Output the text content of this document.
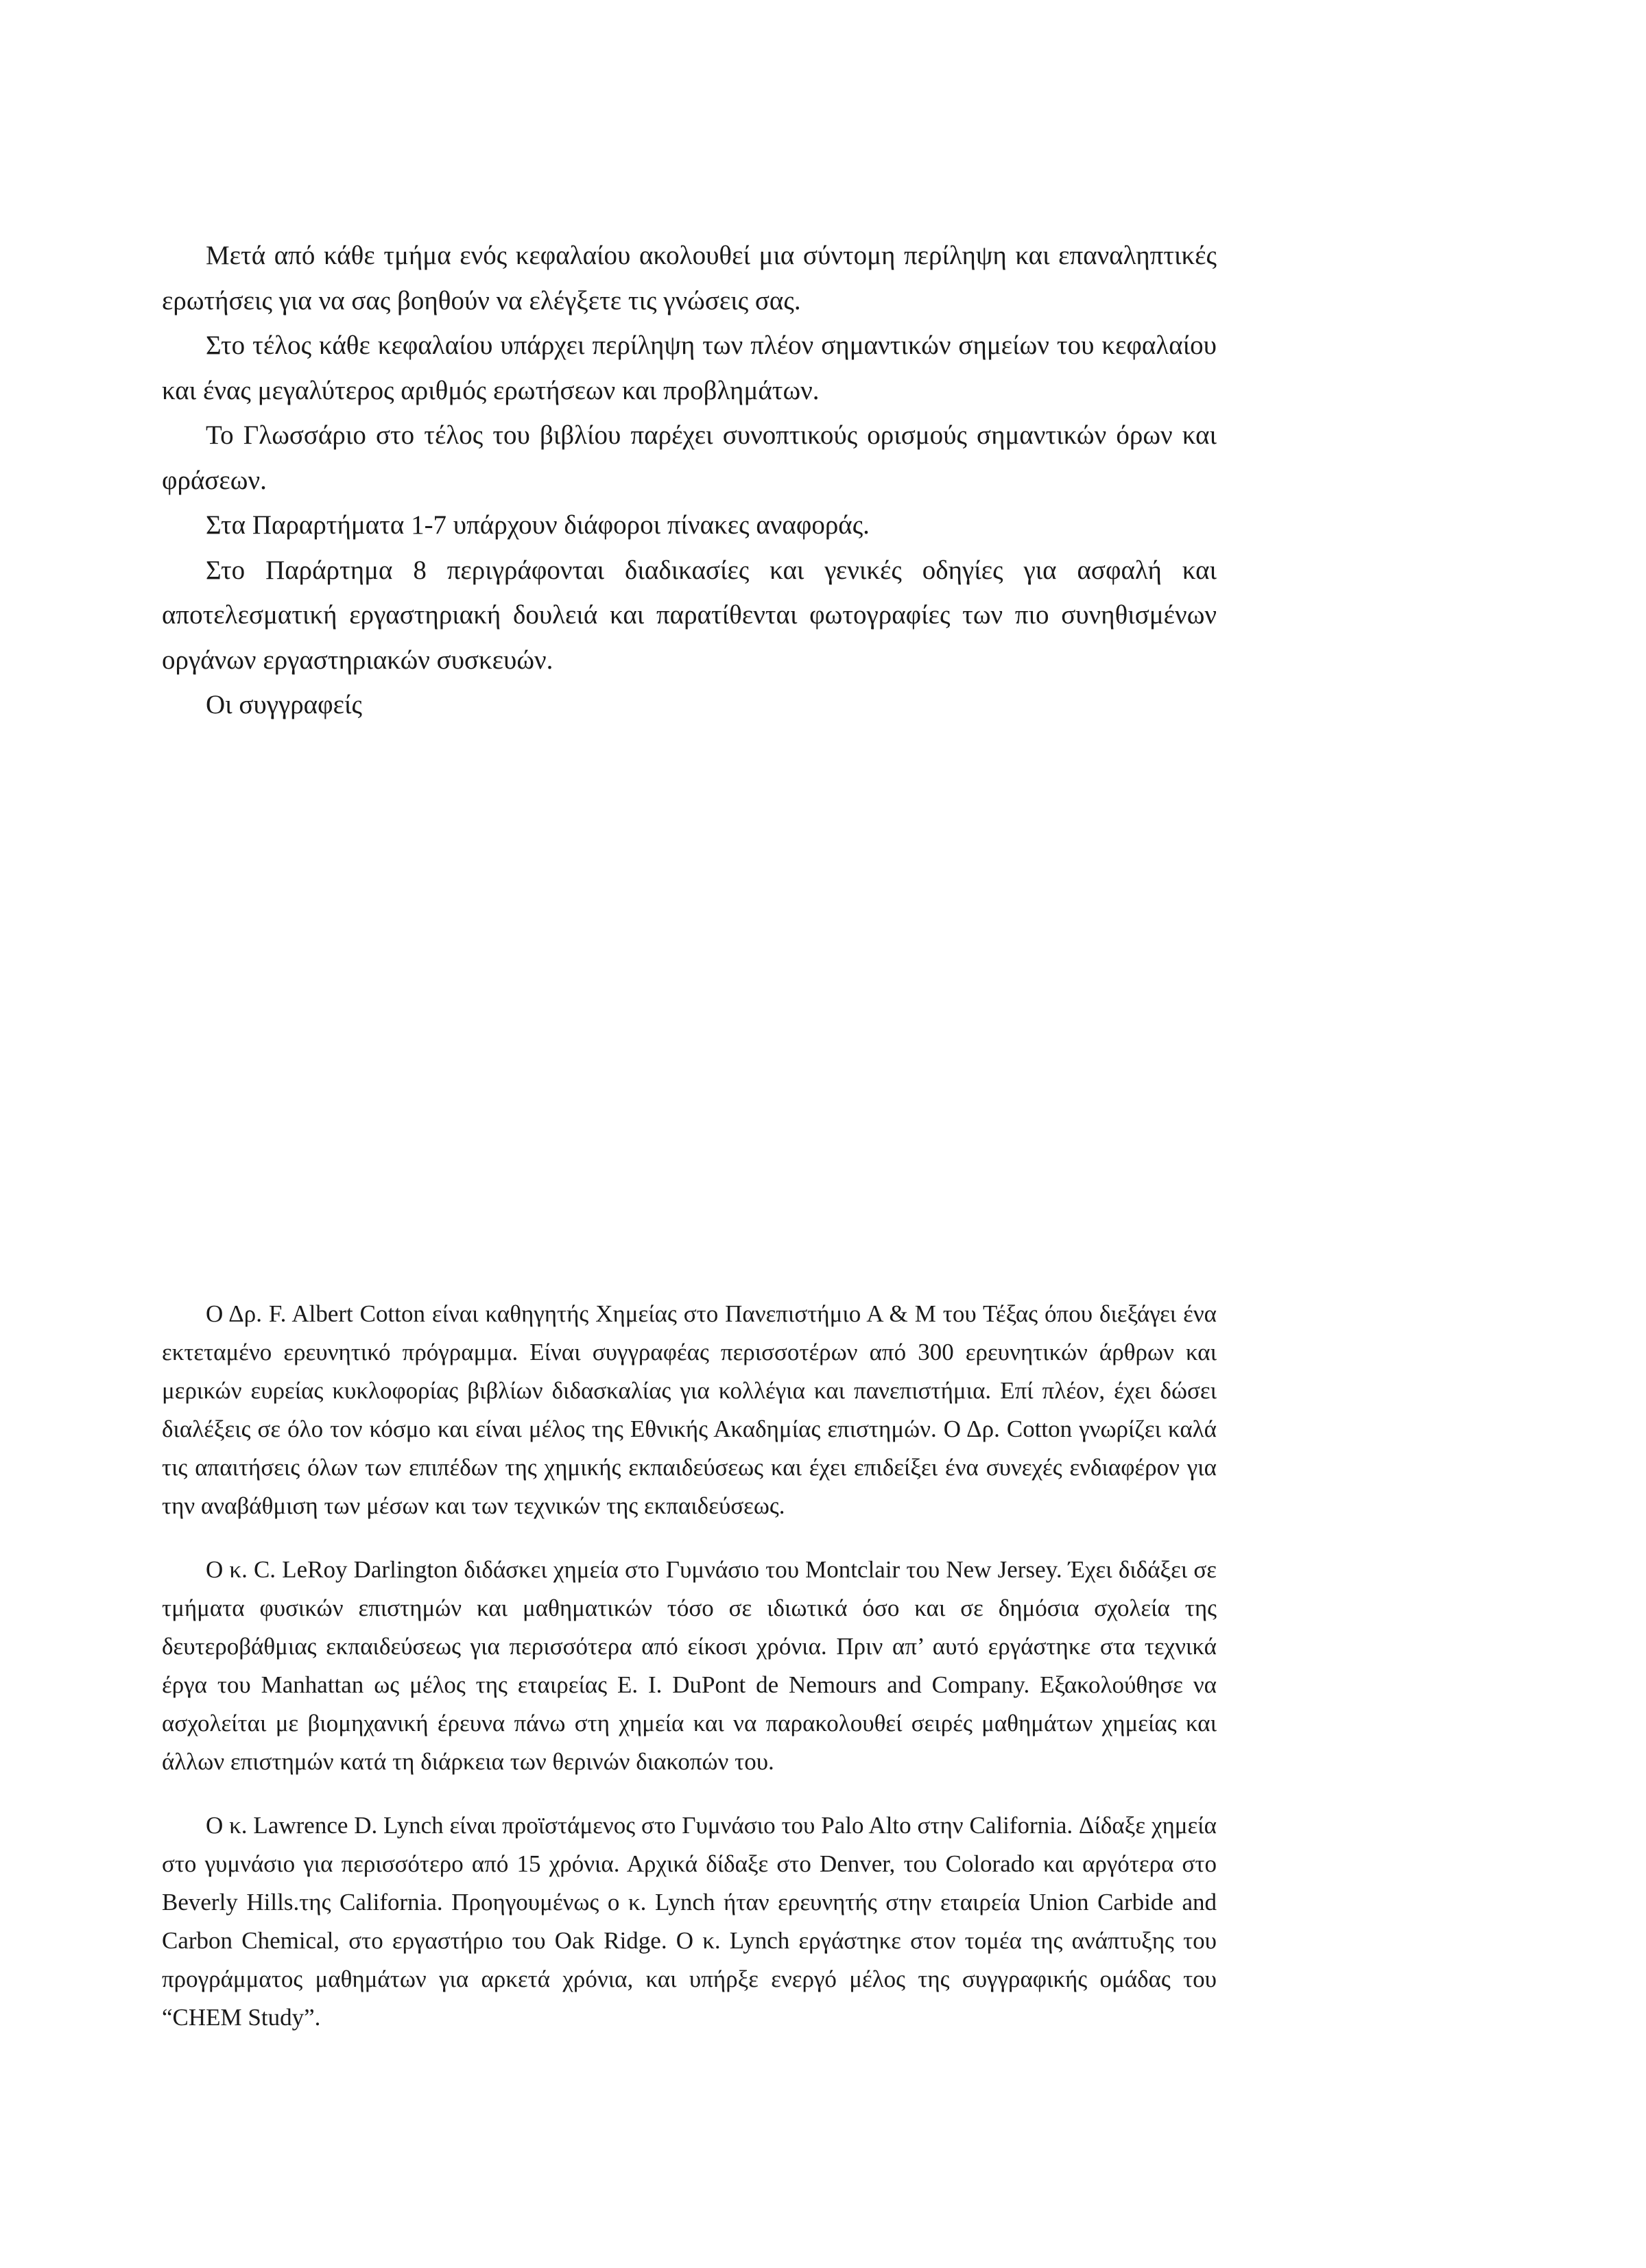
Μετά από κάθε τμήμα ενός κεφαλαίου ακολουθεί μια σύντομη περίληψη και επαναληπτικές ερωτήσεις για να σας βοηθούν να ελέγξετε τις γνώσεις σας.

Στο τέλος κάθε κεφαλαίου υπάρχει περίληψη των πλέον σημαντικών σημείων του κεφαλαίου και ένας μεγαλύτερος αριθμός ερωτήσεων και προβλημάτων.

Το Γλωσσάριο στο τέλος του βιβλίου παρέχει συνοπτικούς ορισμούς σημαντικών όρων και φράσεων.

Στα Παραρτήματα 1-7 υπάρχουν διάφοροι πίνακες αναφοράς.

Στο Παράρτημα 8 περιγράφονται διαδικασίες και γενικές οδηγίες για ασφαλή και αποτελεσματική εργαστηριακή δουλειά και παρατίθενται φωτογραφίες των πιο συνηθισμένων οργάνων εργαστηριακών συσκευών.

Οι συγγραφείς

Ο Δρ. F. Albert Cotton είναι καθηγητής Χημείας στο Πανεπιστήμιο Α & Μ του Τέξας όπου διεξάγει ένα εκτεταμένο ερευνητικό πρόγραμμα. Είναι συγγραφέας περισσοτέρων από 300 ερευνητικών άρθρων και μερικών ευρείας κυκλοφορίας βιβλίων διδασκαλίας για κολλέγια και πανεπιστήμια. Επί πλέον, έχει δώσει διαλέξεις σε όλο τον κόσμο και είναι μέλος της Εθνικής Ακαδημίας επιστημών. Ο Δρ. Cotton γνωρίζει καλά τις απαιτήσεις όλων των επιπέδων της χημικής εκπαιδεύσεως και έχει επιδείξει ένα συνεχές ενδιαφέρον για την αναβάθμιση των μέσων και των τεχνικών της εκπαιδεύσεως.

Ο κ. C. LeRoy Darlington διδάσκει χημεία στο Γυμνάσιο του Montclair του New Jersey. Έχει διδάξει σε τμήματα φυσικών επιστημών και μαθηματικών τόσο σε ιδιωτικά όσο και σε δημόσια σχολεία της δευτεροβάθμιας εκπαιδεύσεως για περισσότερα από είκοσι χρόνια. Πριν απ’ αυτό εργάστηκε στα τεχνικά έργα του Manhattan ως μέλος της εταιρείας E. I. DuPont de Nemours and Company. Εξακολούθησε να ασχολείται με βιομηχανική έρευνα πάνω στη χημεία και να παρακολουθεί σειρές μαθημάτων χημείας και άλλων επιστημών κατά τη διάρκεια των θερινών διακοπών του.

Ο κ. Lawrence D. Lynch είναι προϊστάμενος στο Γυμνάσιο του Palo Alto στην California. Δίδαξε χημεία στο γυμνάσιο για περισσότερο από 15 χρόνια. Αρχικά δίδαξε στο Denver, του Colorado και αργότερα στο Beverly Hills.της California. Προηγουμένως ο κ. Lynch ήταν ερευνητής στην εταιρεία Union Carbide and Carbon Chemical, στο εργαστήριο του Oak Ridge. Ο κ. Lynch εργάστηκε στον τομέα της ανάπτυξης του προγράμματος μαθημάτων για αρκετά χρόνια, και υπήρξε ενεργό μέλος της συγγραφικής ομάδας του “CHEM Study”.
